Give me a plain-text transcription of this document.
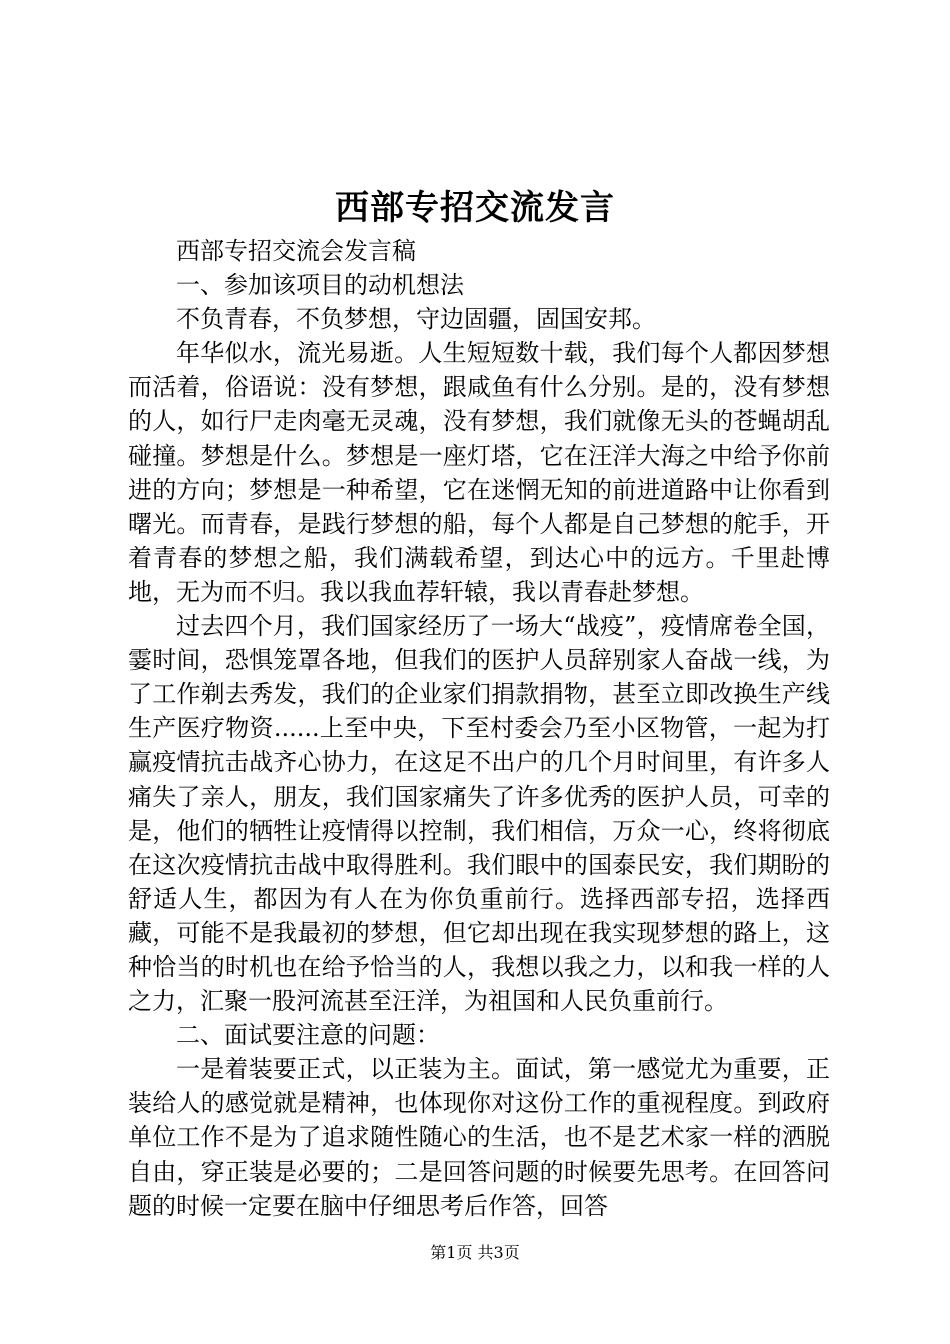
西部专招交流发言

西部专招交流会发言稿

一、参加该项目的动机想法

不负青春，不负梦想，守边固疆，固国安邦。

年华似水，流光易逝。人生短短数十载，我们每个人都因梦想而活着，俗语说：没有梦想，跟咸鱼有什么分别。是的，没有梦想的人，如行尸走肉毫无灵魂，没有梦想，我们就像无头的苍蝇胡乱碰撞。梦想是什么。梦想是一座灯塔，它在汪洋大海之中给予你前进的方向；梦想是一种希望，它在迷惘无知的前进道路中让你看到曙光。而青春，是践行梦想的船，每个人都是自己梦想的舵手，开着青春的梦想之船，我们满载希望，到达心中的远方。千里赴博地，无为而不归。我以我血荐轩辕，我以青春赴梦想。

过去四个月，我们国家经历了一场大“战疫”，疫情席卷全国，霎时间，恐惧笼罩各地，但我们的医护人员辞别家人奋战一线，为了工作剃去秀发，我们的企业家们捐款捐物，甚至立即改换生产线生产医疗物资......上至中央，下至村委会乃至小区物管，一起为打赢疫情抗击战齐心协力，在这足不出户的几个月时间里，有许多人痛失了亲人，朋友，我们国家痛失了许多优秀的医护人员，可幸的是，他们的牺牲让疫情得以控制，我们相信，万众一心，终将彻底在这次疫情抗击战中取得胜利。我们眼中的国泰民安，我们期盼的舒适人生，都因为有人在为你负重前行。选择西部专招，选择西藏，可能不是我最初的梦想，但它却出现在我实现梦想的路上，这种恰当的时机也在给予恰当的人，我想以我之力，以和我一样的人之力，汇聚一股河流甚至汪洋，为祖国和人民负重前行。

二、面试要注意的问题：

一是着装要正式，以正装为主。面试，第一感觉尤为重要，正装给人的感觉就是精神，也体现你对这份工作的重视程度。到政府单位工作不是为了追求随性随心的生活，也不是艺术家一样的洒脱自由，穿正装是必要的；二是回答问题的时候要先思考。在回答问题的时候一定要在脑中仔细思考后作答，回答

第1页 共3页
